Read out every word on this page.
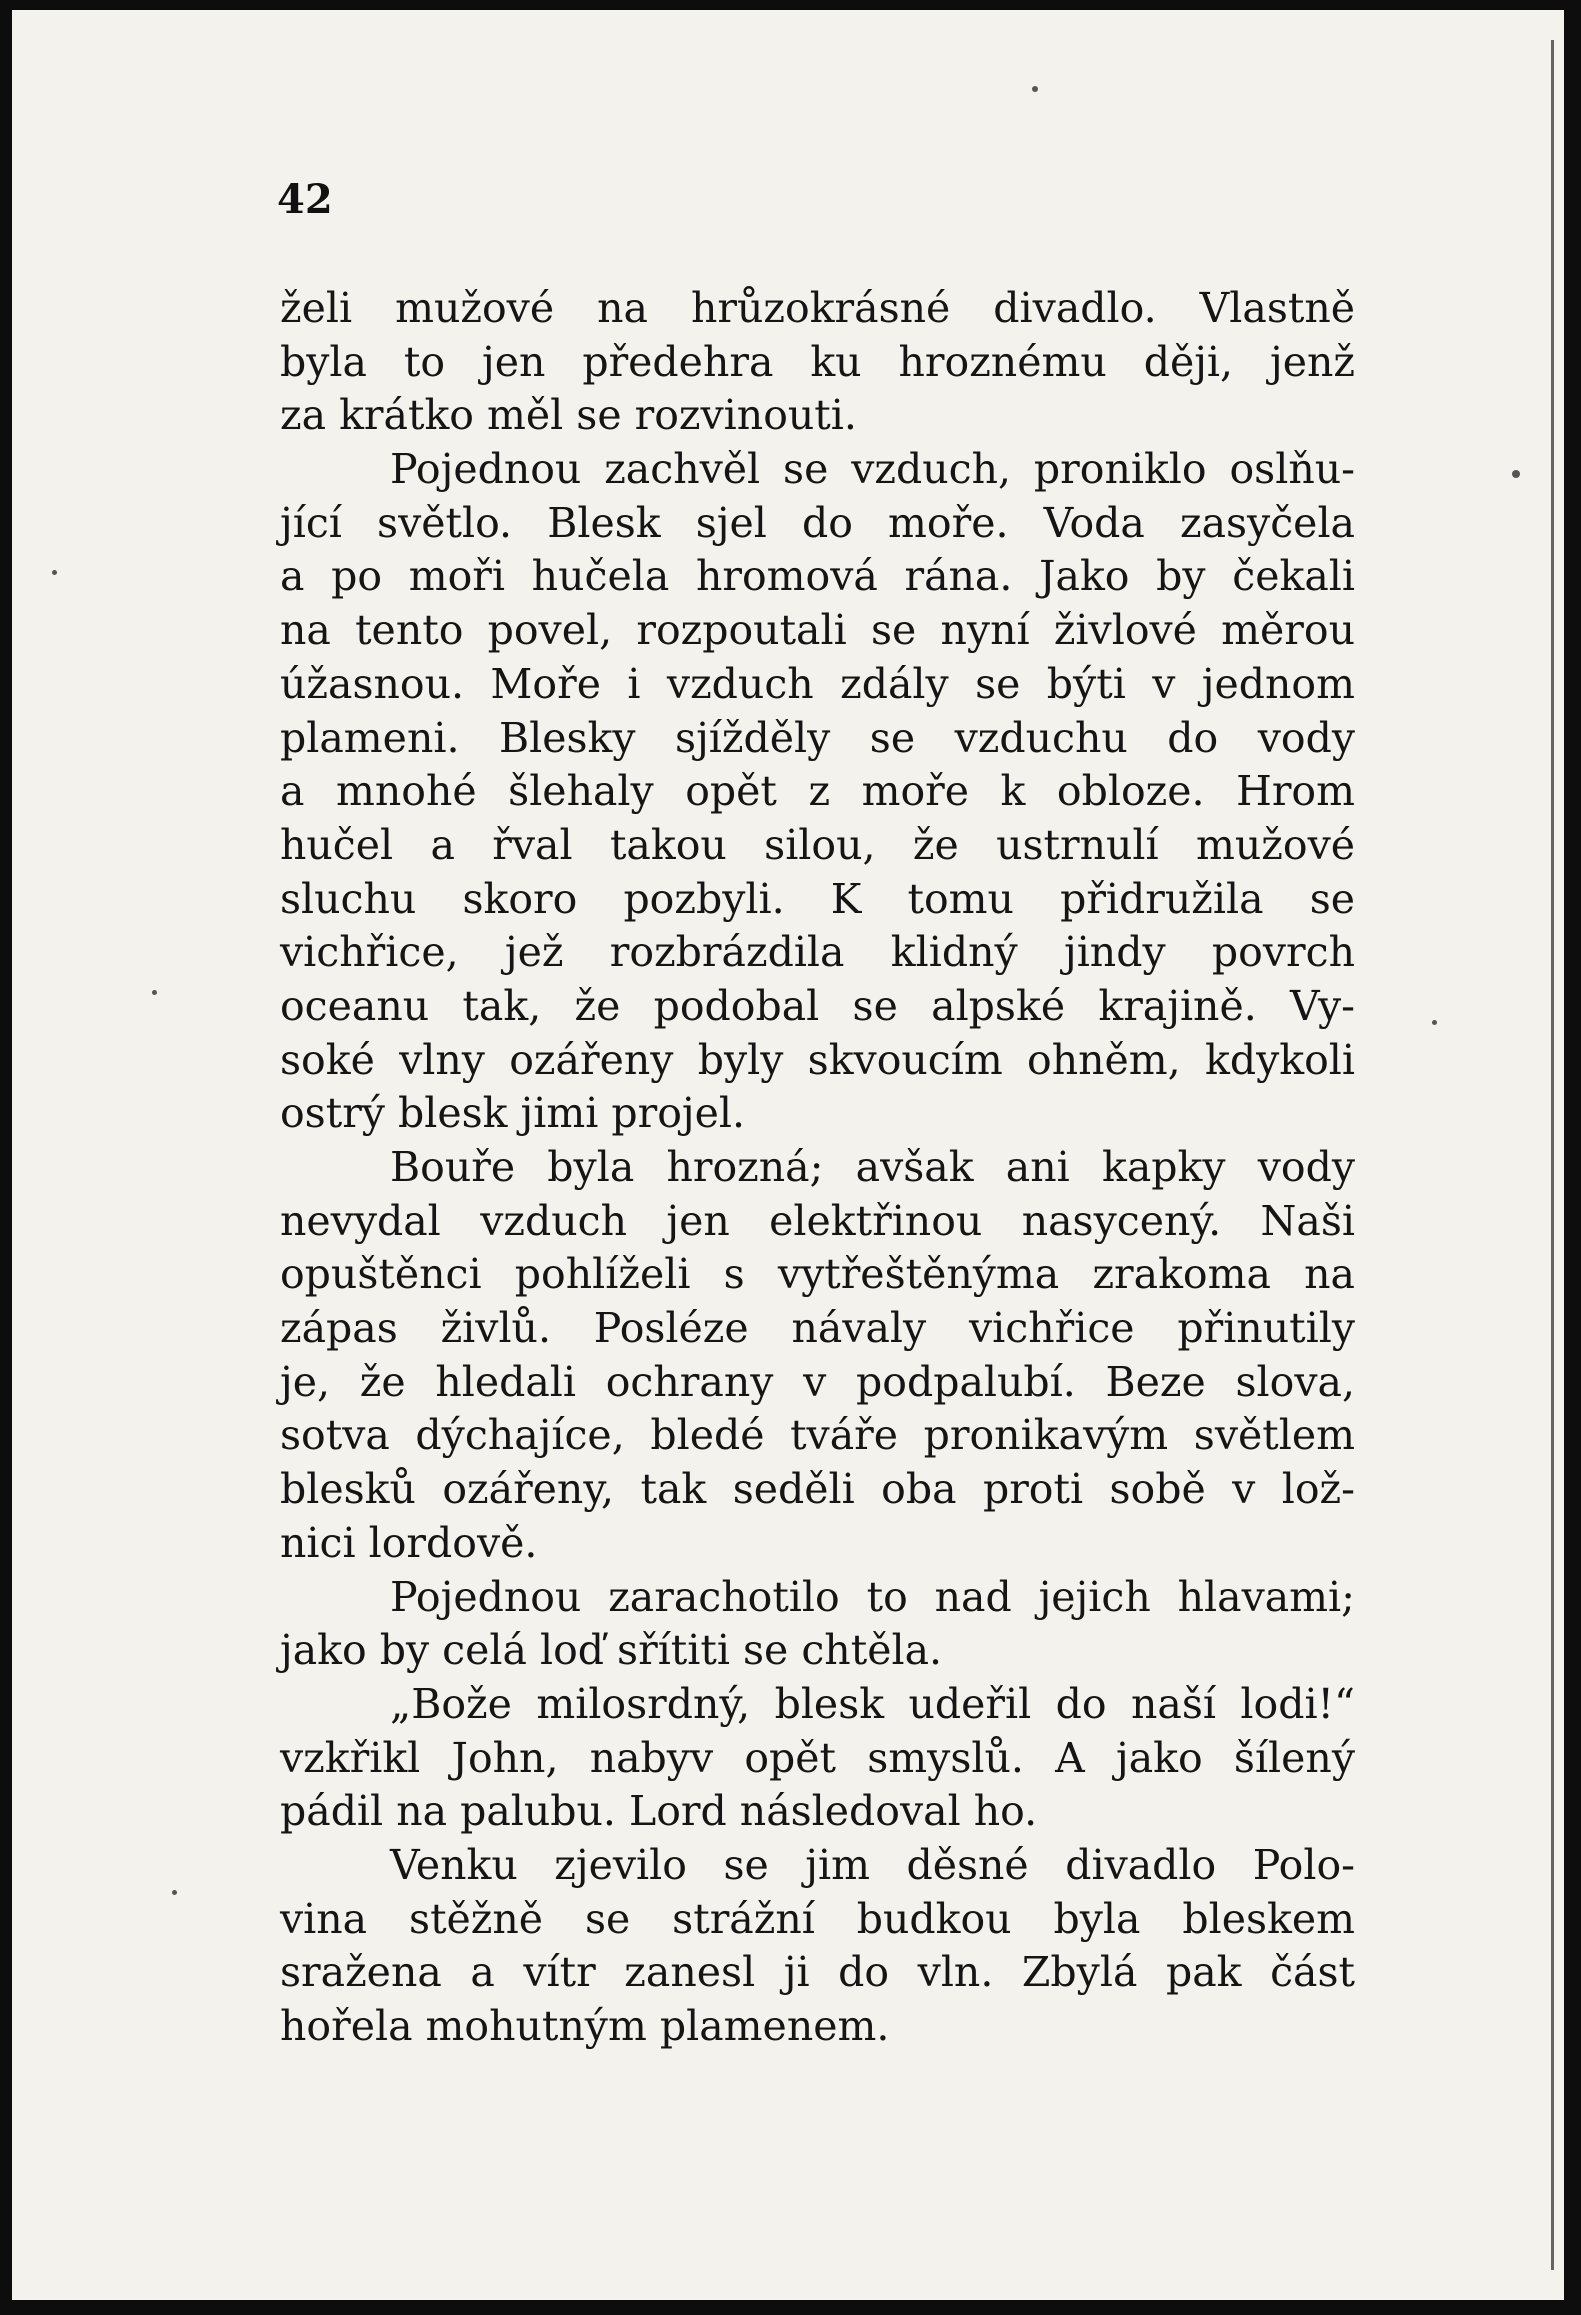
42
želi mužové na hrůzokrásné divadlo. Vlastně
byla to jen předehra ku hroznému ději, jenž
za krátko měl se rozvinouti.
Pojednou zachvěl se vzduch, proniklo oslňu-
jící světlo. Blesk sjel do moře. Voda zasyčela
a po moři hučela hromová rána. Jako by čekali
na tento povel, rozpoutali se nyní živlové měrou
úžasnou. Moře i vzduch zdály se býti v jednom
plameni. Blesky sjížděly se vzduchu do vody
a mnohé šlehaly opět z moře k obloze. Hrom
hučel a řval takou silou, že ustrnulí mužové
sluchu skoro pozbyli. K tomu přidružila se
vichřice, jež rozbrázdila klidný jindy povrch
oceanu tak, že podobal se alpské krajině. Vy-
soké vlny ozářeny byly skvoucím ohněm, kdykoli
ostrý blesk jimi projel.
Bouře byla hrozná; avšak ani kapky vody
nevydal vzduch jen elektřinou nasycený. Naši
opuštěnci pohlíželi s vytřeštěnýma zrakoma na
zápas živlů. Posléze návaly vichřice přinutily
je, že hledali ochrany v podpalubí. Beze slova,
sotva dýchajíce, bledé tváře pronikavým světlem
blesků ozářeny, tak seděli oba proti sobě v lož-
nici lordově.
Pojednou zarachotilo to nad jejich hlavami;
jako by celá loď sřítiti se chtěla.
„Bože milosrdný, blesk udeřil do naší lodi!“
vzkřikl John, nabyv opět smyslů. A jako šílený
pádil na palubu. Lord následoval ho.
Venku zjevilo se jim děsné divadlo Polo-
vina stěžně se strážní budkou byla bleskem
sražena a vítr zanesl ji do vln. Zbylá pak část
hořela mohutným plamenem.
